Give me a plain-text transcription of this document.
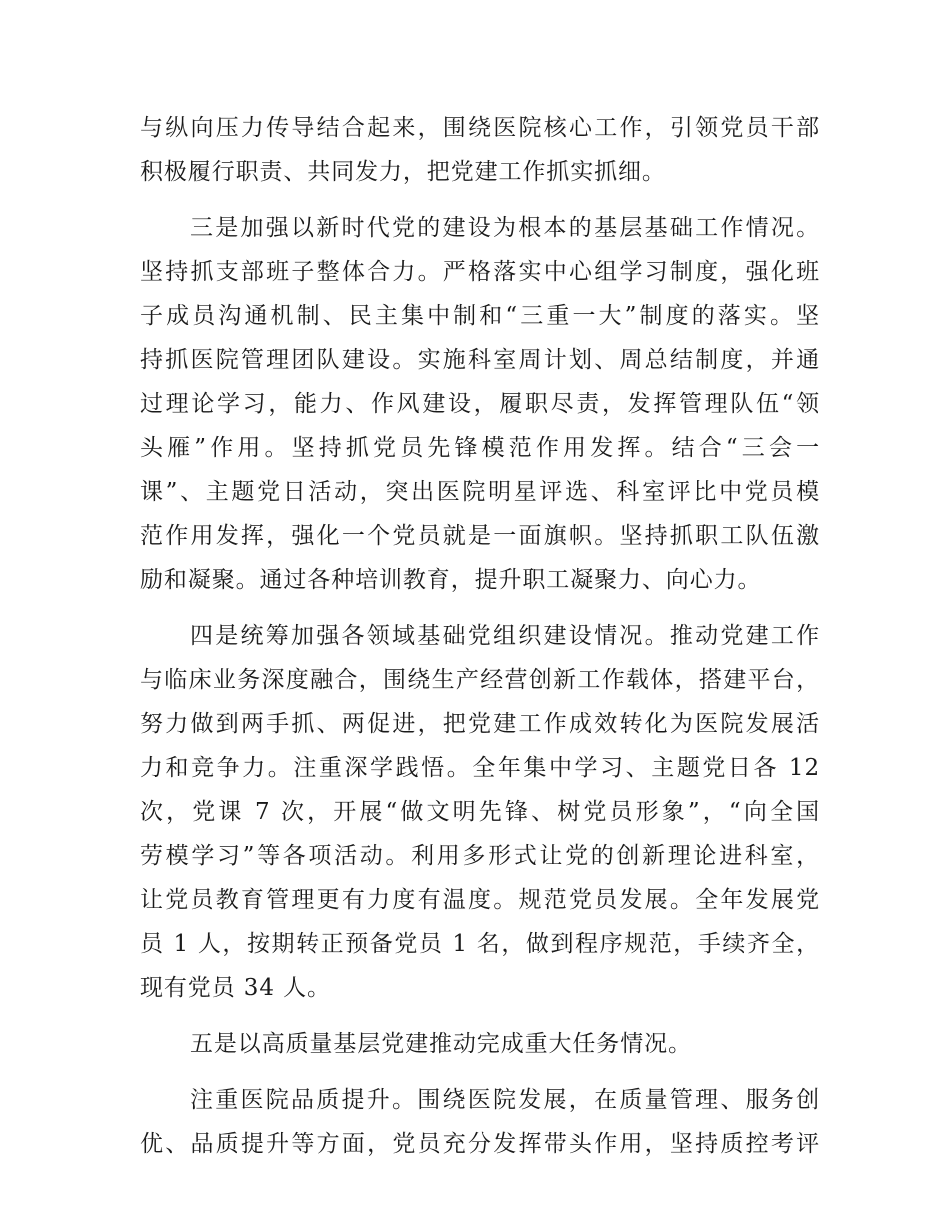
与纵向压力传导结合起来，围绕医院核心工作，引领党员干部
积极履行职责、共同发力，把党建工作抓实抓细。
三是加强以新时代党的建设为根本的基层基础工作情况。
坚持抓支部班子整体合力。严格落实中心组学习制度，强化班
子成员沟通机制、民主集中制和“三重一大”制度的落实。坚
持抓医院管理团队建设。实施科室周计划、周总结制度，并通
过理论学习，能力、作风建设，履职尽责，发挥管理队伍“领
头雁”作用。坚持抓党员先锋模范作用发挥。结合“三会一
课”、主题党日活动，突出医院明星评选、科室评比中党员模
范作用发挥，强化一个党员就是一面旗帜。坚持抓职工队伍激
励和凝聚。通过各种培训教育，提升职工凝聚力、向心力。
四是统筹加强各领域基础党组织建设情况。推动党建工作
与临床业务深度融合，围绕生产经营创新工作载体，搭建平台，
努力做到两手抓、两促进，把党建工作成效转化为医院发展活
力和竞争力。注重深学践悟。全年集中学习、主题党日各 12
次，党课 7 次，开展“做文明先锋、树党员形象”，“向全国
劳模学习”等各项活动。利用多形式让党的创新理论进科室，
让党员教育管理更有力度有温度。规范党员发展。全年发展党
员 1 人，按期转正预备党员 1 名，做到程序规范，手续齐全，
现有党员 34 人。
五是以高质量基层党建推动完成重大任务情况。
注重医院品质提升。围绕医院发展，在质量管理、服务创
优、品质提升等方面，党员充分发挥带头作用，坚持质控考评
